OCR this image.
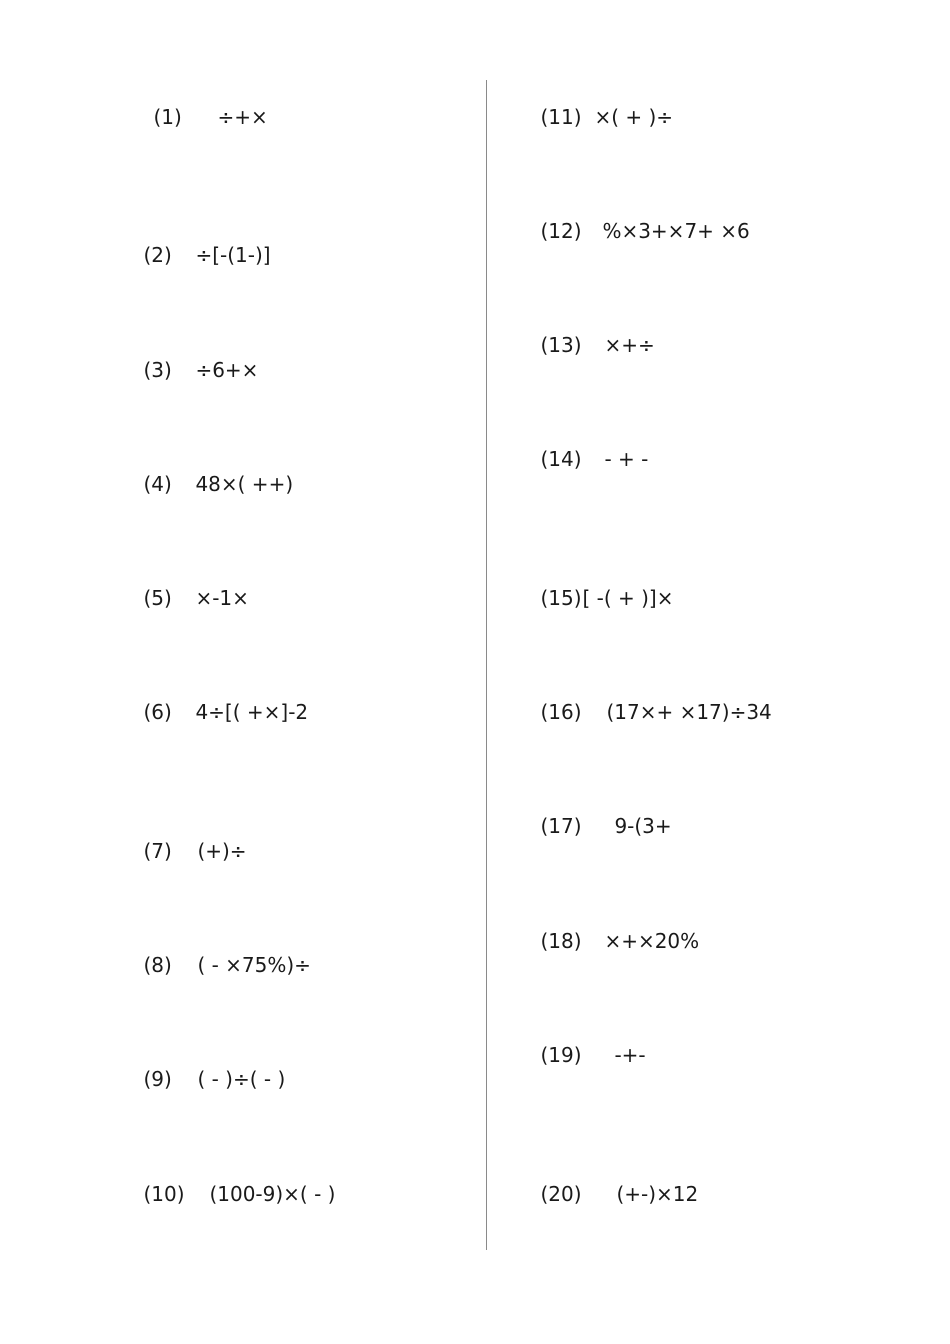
(1) ÷+×

(2) ÷[-(1-)]

(3) ÷6+×

(4) 48×( ++)

(5) ×-1×

(6) 4÷[( +×]-2

(7) (+)÷

(8) ( - ×75%)÷

(9) ( - )÷( - )

(10) (100-9)×( - )

(11) ×( + )÷

(12) %×3+×7+ ×6

(13) ×+÷

(14) - + -

(15)[ -( + )]×

(16) (17×+ ×17)÷34

(17) 9-(3+

(18) ×+×20%

(19) -+-

(20) (+-)×12
